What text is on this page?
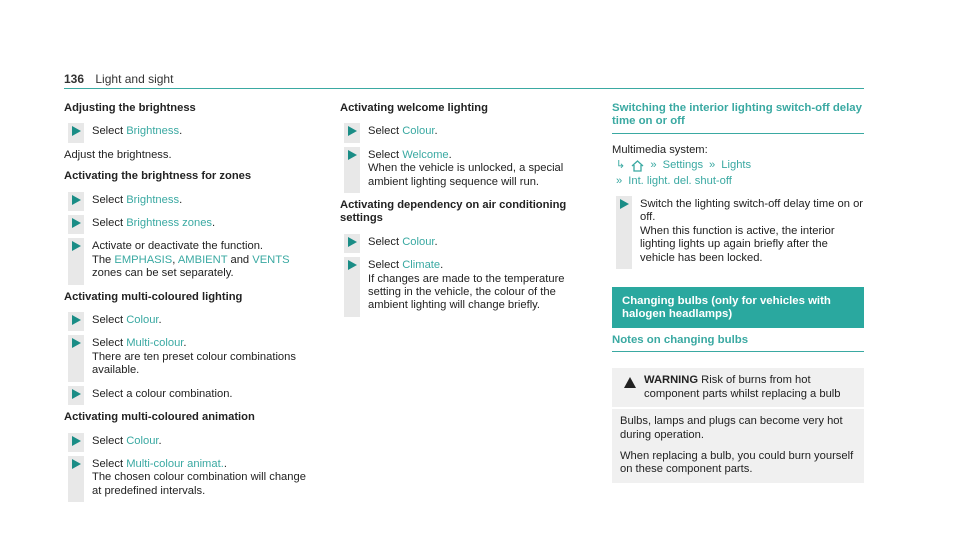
136 Light and sight
Adjusting the brightness
Select Brightness.
Adjust the brightness.
Activating the brightness for zones
Select Brightness.
Select Brightness zones.
Activate or deactivate the function.
The EMPHASIS, AMBIENT and VENTS zones can be set separately.
Activating multi-coloured lighting
Select Colour.
Select Multi-colour.
There are ten preset colour combinations available.
Select a colour combination.
Activating multi-coloured animation
Select Colour.
Select Multi-colour animat..
The chosen colour combination will change at predefined intervals.
Activating welcome lighting
Select Colour.
Select Welcome.
When the vehicle is unlocked, a special ambient lighting sequence will run.
Activating dependency on air conditioning settings
Select Colour.
Select Climate.
If changes are made to the temperature setting in the vehicle, the colour of the ambient lighting will change briefly.
Switching the interior lighting switch-off delay time on or off
Multimedia system:
↳ » Settings » Lights
» Int. light. del. shut-off
Switch the lighting switch-off delay time on or off.
When this function is active, the interior lighting lights up again briefly after the vehicle has been locked.
Changing bulbs (only for vehicles with halogen headlamps)
Notes on changing bulbs
WARNING Risk of burns from hot component parts whilst replacing a bulb
Bulbs, lamps and plugs can become very hot during operation.
When replacing a bulb, you could burn yourself on these component parts.
